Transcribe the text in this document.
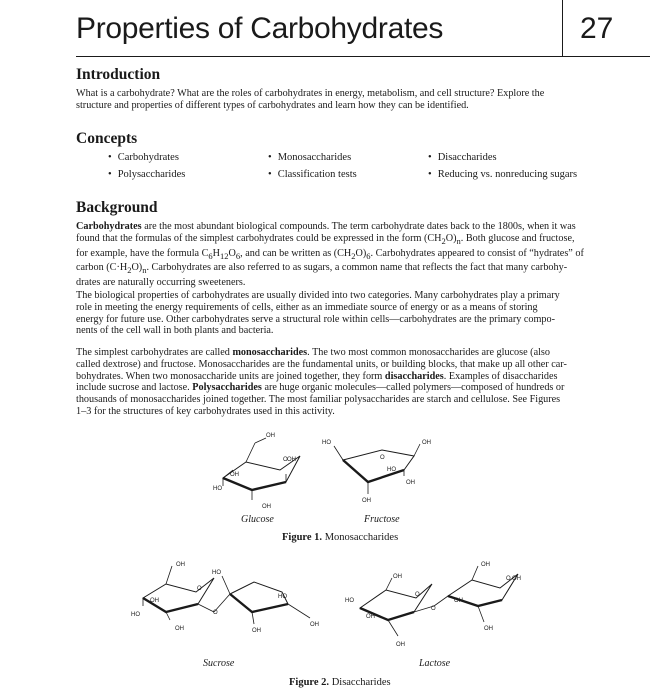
Properties of Carbohydrates	27
Introduction

What is a carbohydrate? What are the roles of carbohydrates in energy, metabolism, and cell structure? Explore the
structure and properties of different types of carbohydrates and learn how they can be identified.

Concepts
• Carbohydrates	• Monosaccharides	• Disaccharides
• Polysaccharides	• Classification tests	• Reducing vs. nonreducing sugars
Background

Carbohydrates are the most abundant biological compounds. The term carbohydrate dates back to the 1800s, when it was
found that the formulas of the simplest carbohydrates could be expressed in the form $(CH_2O)_n$. Both glucose and fructose,
for example, have the formula $C_6H_{12}O_6$, and can be written as $(CH_2O)_6$. Carbohydrates appeared to consist of “hydrates” of
carbon $(C\cdot H_2O)_n$. Carbohydrates are also referred to as sugars, a common name that reflects the fact that many carbohy-
drates are naturally occurring sweeteners.

The biological properties of carbohydrates are usually divided into two categories. Many carbohydrates play a primary
role in meeting the energy requirements of cells, either as an immediate source of energy or as a means of storing
energy for future use. Other carbohydrates serve a structural role within cells—carbohydrates are the primary compo-
nents of the cell wall in both plants and bacteria.

The simplest carbohydrates are called monosaccharides. The two most common monosaccharides are glucose (also
called dextrose) and fructose. Monosaccharides are the fundamental units, or building blocks, that make up all other car-
bohydrates. When two monosaccharide units are joined together, they form disaccharides. Examples of disaccharides
include sucrose and lactose. Polysaccharides are huge organic molecules—called polymers—composed of hundreds or
thousands of monosaccharides joined together. The most familiar polysaccharides are starch and cellulose. See Figures
1–3 for the structures of key carbohydrates used in this activity.

OH
O OH
OH
HO
OH
HO	OH
O
HO
OH
OH
OH
HO
O
OH
HO
OH
O
HO
OH
OH
OH
HO
OH
O
OH
O
OH
O OH
OH
OH
Glucose	Fructose
Figure 1. Monosaccharides
Sucrose	Lactose
Figure 2. Disaccharides
